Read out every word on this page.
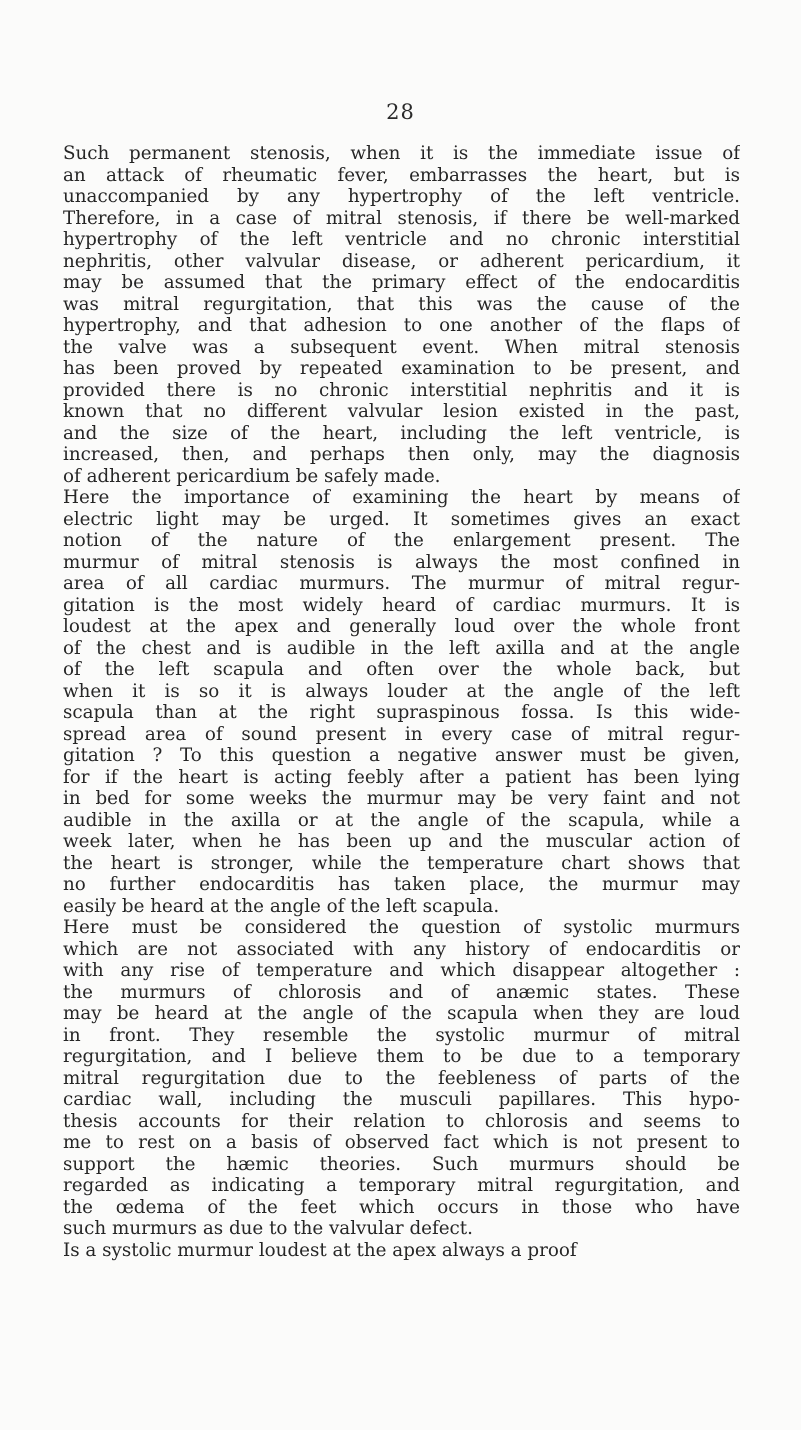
28
Such permanent stenosis, when it is the immediate issue of
an attack of rheumatic fever, embarrasses the heart, but is
unaccompanied by any hypertrophy of the left ventricle.
Therefore, in a case of mitral stenosis, if there be well-marked
hypertrophy of the left ventricle and no chronic interstitial
nephritis, other valvular disease, or adherent pericardium, it
may be assumed that the primary effect of the endocarditis
was mitral regurgitation, that this was the cause of the
hypertrophy, and that adhesion to one another of the flaps of
the valve was a subsequent event. When mitral stenosis
has been proved by repeated examination to be present, and
provided there is no chronic interstitial nephritis and it is
known that no different valvular lesion existed in the past,
and the size of the heart, including the left ventricle, is
increased, then, and perhaps then only, may the diagnosis
of adherent pericardium be safely made.
Here the importance of examining the heart by means of
electric light may be urged. It sometimes gives an exact
notion of the nature of the enlargement present. The
murmur of mitral stenosis is always the most confined in
area of all cardiac murmurs. The murmur of mitral regur-
gitation is the most widely heard of cardiac murmurs. It is
loudest at the apex and generally loud over the whole front
of the chest and is audible in the left axilla and at the angle
of the left scapula and often over the whole back, but
when it is so it is always louder at the angle of the left
scapula than at the right supraspinous fossa. Is this wide-
spread area of sound present in every case of mitral regur-
gitation ? To this question a negative answer must be given,
for if the heart is acting feebly after a patient has been lying
in bed for some weeks the murmur may be very faint and not
audible in the axilla or at the angle of the scapula, while a
week later, when he has been up and the muscular action of
the heart is stronger, while the temperature chart shows that
no further endocarditis has taken place, the murmur may
easily be heard at the angle of the left scapula.
Here must be considered the question of systolic murmurs
which are not associated with any history of endocarditis or
with any rise of temperature and which disappear altogether :
the murmurs of chlorosis and of anæmic states. These
may be heard at the angle of the scapula when they are loud
in front. They resemble the systolic murmur of mitral
regurgitation, and I believe them to be due to a temporary
mitral regurgitation due to the feebleness of parts of the
cardiac wall, including the musculi papillares. This hypo-
thesis accounts for their relation to chlorosis and seems to
me to rest on a basis of observed fact which is not present to
support the hæmic theories. Such murmurs should be
regarded as indicating a temporary mitral regurgitation, and
the œdema of the feet which occurs in those who have
such murmurs as due to the valvular defect.
Is a systolic murmur loudest at the apex always a proof
